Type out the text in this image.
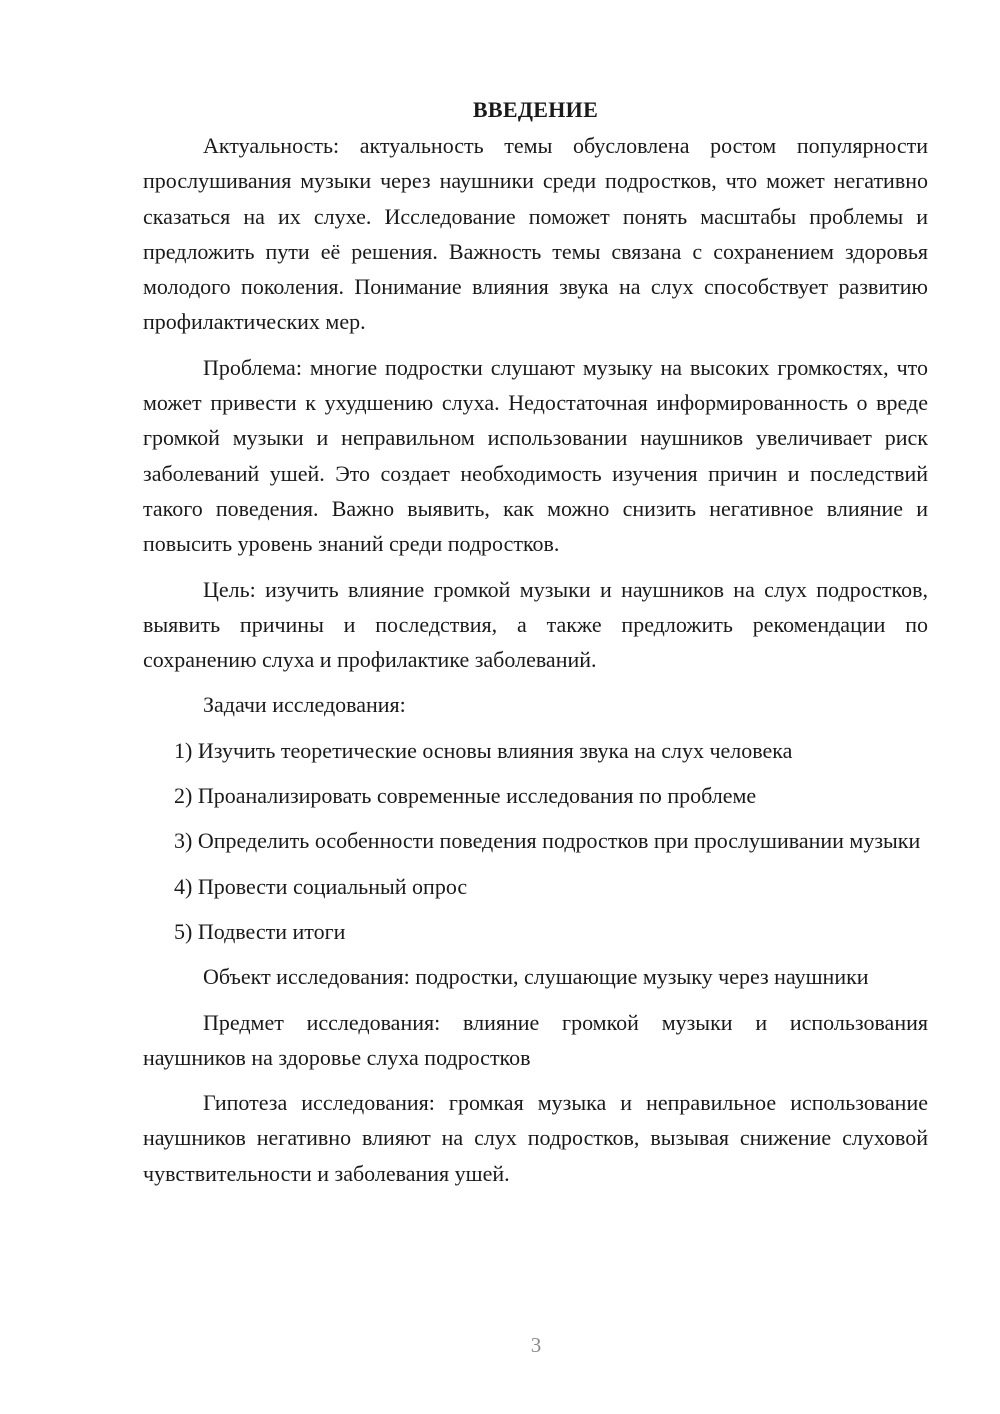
ВВЕДЕНИЕ

Актуальность: актуальность темы обусловлена ростом популярности прослушивания музыки через наушники среди подростков, что может негативно сказаться на их слухе. Исследование поможет понять масштабы проблемы и предложить пути её решения. Важность темы связана с сохранением здоровья молодого поколения. Понимание влияния звука на слух способствует развитию профилактических мер.

Проблема: многие подростки слушают музыку на высоких громкостях, что может привести к ухудшению слуха. Недостаточная информированность о вреде громкой музыки и неправильном использовании наушников увеличивает риск заболеваний ушей. Это создает необходимость изучения причин и последствий такого поведения. Важно выявить, как можно снизить негативное влияние и повысить уровень знаний среди подростков.

Цель: изучить влияние громкой музыки и наушников на слух подростков, выявить причины и последствия, а также предложить рекомендации по сохранению слуха и профилактике заболеваний.

Задачи исследования:

1) Изучить теоретические основы влияния звука на слух человека

2) Проанализировать современные исследования по проблеме

3) Определить особенности поведения подростков при прослушивании музыки

4) Провести социальный опрос

5) Подвести итоги

Объект исследования: подростки, слушающие музыку через наушники

Предмет исследования: влияние громкой музыки и использования наушников на здоровье слуха подростков

Гипотеза исследования: громкая музыка и неправильное использование наушников негативно влияют на слух подростков, вызывая снижение слуховой чувствительности и заболевания ушей.

3
